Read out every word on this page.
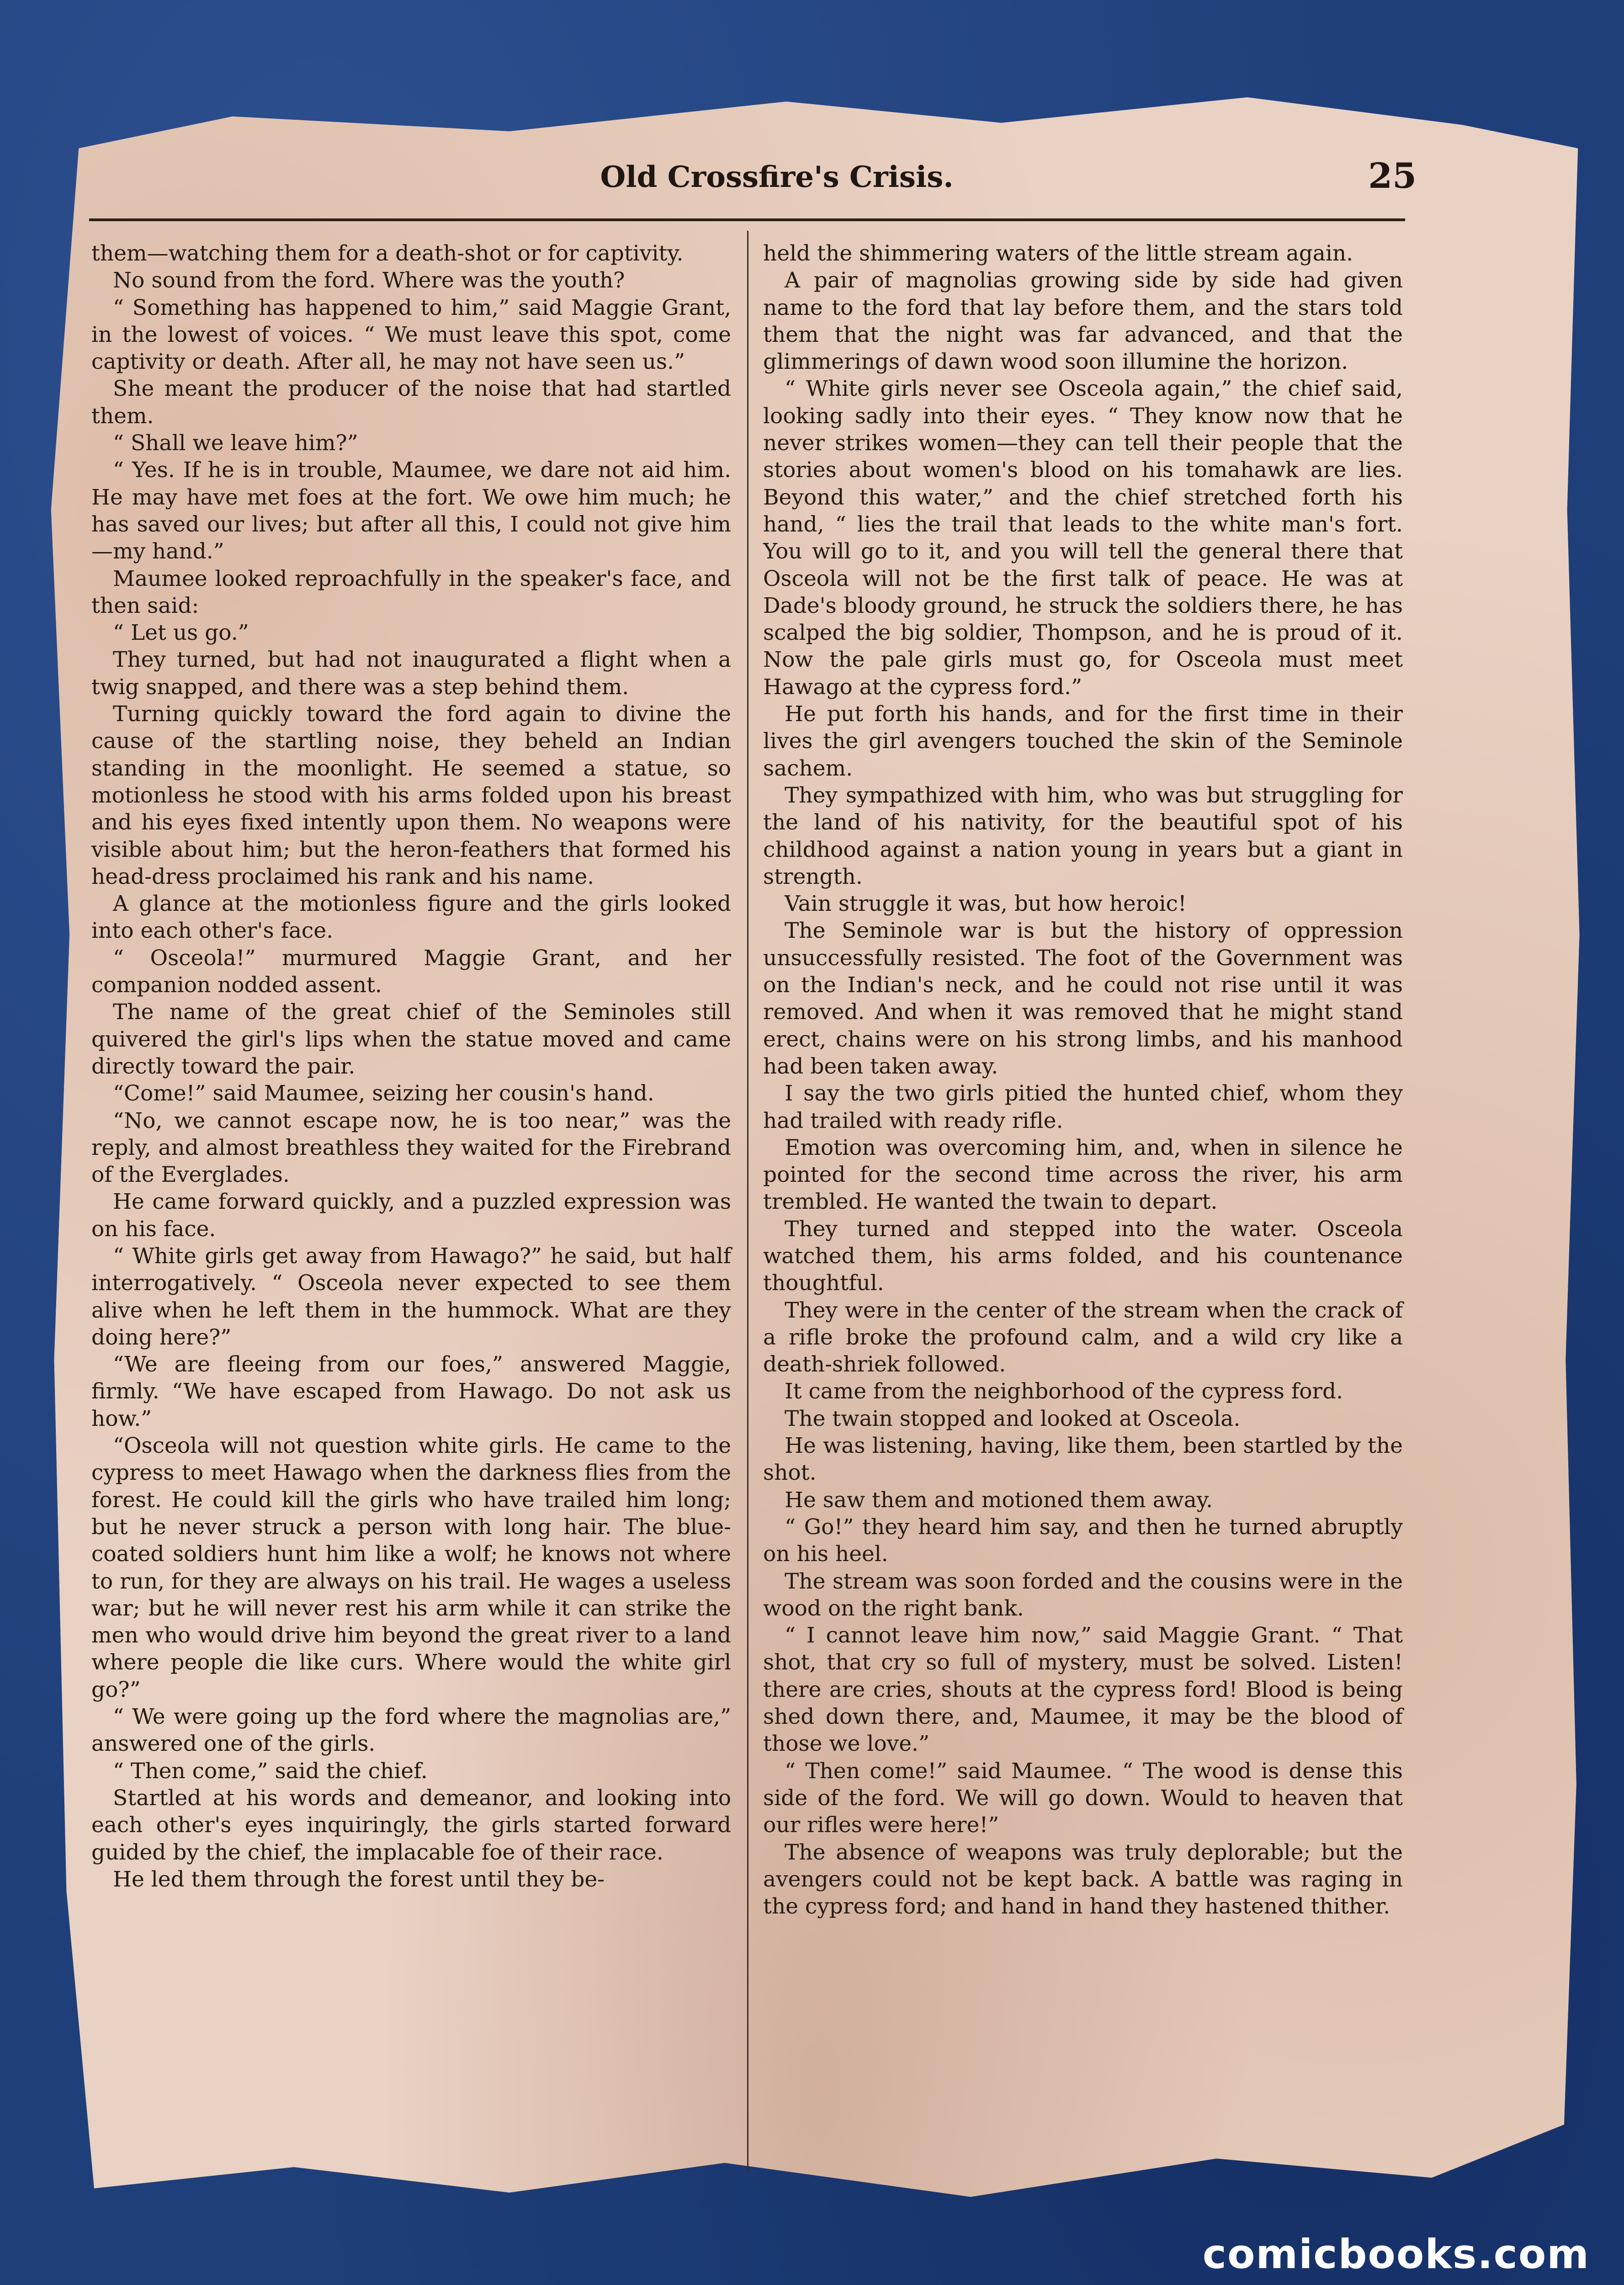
Old Crossfire's Crisis.	25

them—watching them for a death-shot or for captivity.

No sound from the ford. Where was the youth?

“ Something has happened to him,” said Maggie Grant, in the lowest of voices. “ We must leave this spot, come captivity or death. After all, he may not have seen us.”

She meant the producer of the noise that had startled them.

“ Shall we leave him?”

“ Yes. If he is in trouble, Maumee, we dare not aid him. He may have met foes at the fort. We owe him much; he has saved our lives; but after all this, I could not give him—my hand.”

Maumee looked reproachfully in the speaker's face, and then said:

“ Let us go.”

They turned, but had not inaugurated a flight when a twig snapped, and there was a step behind them.

Turning quickly toward the ford again to divine the cause of the startling noise, they beheld an Indian standing in the moonlight. He seemed a statue, so motionless he stood with his arms folded upon his breast and his eyes fixed intently upon them. No weapons were visible about him; but the heron-feathers that formed his head-dress proclaimed his rank and his name.

A glance at the motionless figure and the girls looked into each other's face.

“ Osceola!” murmured Maggie Grant, and her companion nodded assent.

The name of the great chief of the Seminoles still quivered the girl's lips when the statue moved and came directly toward the pair.

“Come!” said Maumee, seizing her cousin's hand.

“No, we cannot escape now, he is too near,” was the reply, and almost breathless they waited for the Firebrand of the Everglades.

He came forward quickly, and a puzzled expression was on his face.

“ White girls get away from Hawago?” he said, but half interrogatively. “ Osceola never expected to see them alive when he left them in the hummock. What are they doing here?”

“We are fleeing from our foes,” answered Maggie, firmly. “We have escaped from Hawago. Do not ask us how.”

“Osceola will not question white girls. He came to the cypress to meet Hawago when the darkness flies from the forest. He could kill the girls who have trailed him long; but he never struck a person with long hair. The blue-coated soldiers hunt him like a wolf; he knows not where to run, for they are always on his trail. He wages a useless war; but he will never rest his arm while it can strike the men who would drive him beyond the great river to a land where people die like curs. Where would the white girl go?”

“ We were going up the ford where the magnolias are,” answered one of the girls.

“ Then come,” said the chief.

Startled at his words and demeanor, and looking into each other's eyes inquiringly, the girls started forward guided by the chief, the implacable foe of their race.

He led them through the forest until they be-

held the shimmering waters of the little stream again.

A pair of magnolias growing side by side had given name to the ford that lay before them, and the stars told them that the night was far advanced, and that the glimmerings of dawn wood soon illumine the horizon.

“ White girls never see Osceola again,” the chief said, looking sadly into their eyes. “ They know now that he never strikes women—they can tell their people that the stories about women's blood on his tomahawk are lies. Beyond this water,” and the chief stretched forth his hand, “ lies the trail that leads to the white man's fort. You will go to it, and you will tell the general there that Osceola will not be the first talk of peace. He was at Dade's bloody ground, he struck the soldiers there, he has scalped the big soldier, Thompson, and he is proud of it. Now the pale girls must go, for Osceola must meet Hawago at the cypress ford.”

He put forth his hands, and for the first time in their lives the girl avengers touched the skin of the Seminole sachem.

They sympathized with him, who was but struggling for the land of his nativity, for the beautiful spot of his childhood against a nation young in years but a giant in strength.

Vain struggle it was, but how heroic!

The Seminole war is but the history of oppression unsuccessfully resisted. The foot of the Government was on the Indian's neck, and he could not rise until it was removed. And when it was removed that he might stand erect, chains were on his strong limbs, and his manhood had been taken away.

I say the two girls pitied the hunted chief, whom they had trailed with ready rifle.

Emotion was overcoming him, and, when in silence he pointed for the second time across the river, his arm trembled. He wanted the twain to depart.

They turned and stepped into the water. Osceola watched them, his arms folded, and his countenance thoughtful.

They were in the center of the stream when the crack of a rifle broke the profound calm, and a wild cry like a death-shriek followed.

It came from the neighborhood of the cypress ford.

The twain stopped and looked at Osceola.

He was listening, having, like them, been startled by the shot.

He saw them and motioned them away.

“ Go!” they heard him say, and then he turned abruptly on his heel.

The stream was soon forded and the cousins were in the wood on the right bank.

“ I cannot leave him now,” said Maggie Grant. “ That shot, that cry so full of mystery, must be solved. Listen! there are cries, shouts at the cypress ford! Blood is being shed down there, and, Maumee, it may be the blood of those we love.”

“ Then come!” said Maumee. “ The wood is dense this side of the ford. We will go down. Would to heaven that our rifles were here!”

The absence of weapons was truly deplorable; but the avengers could not be kept back. A battle was raging in the cypress ford; and hand in hand they hastened thither.

comicbooks.com
